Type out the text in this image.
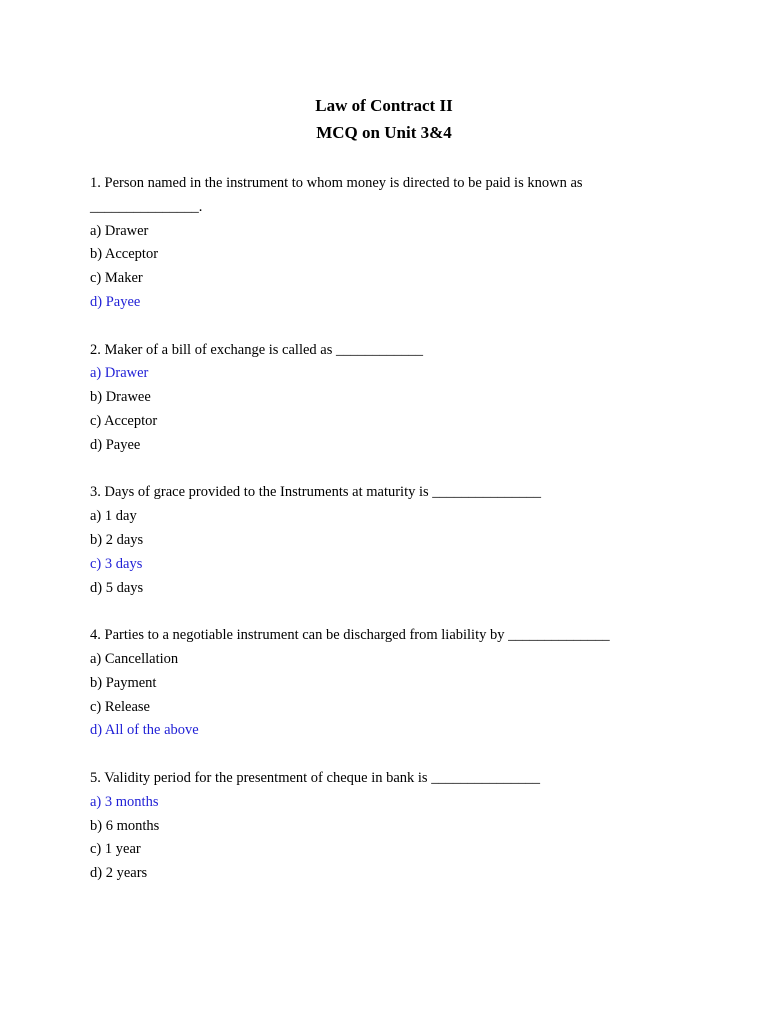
Law of Contract II
MCQ on Unit 3&4
1. Person named in the instrument to whom money is directed to be paid is known as _______________.
a) Drawer
b) Acceptor
c) Maker
d) Payee
2. Maker of a bill of exchange is called as ____________
a) Drawer
b) Drawee
c) Acceptor
d) Payee
3. Days of grace provided to the Instruments at maturity is _______________
a) 1 day
b) 2 days
c) 3 days
d) 5 days
4. Parties to a negotiable instrument can be discharged from liability by ______________
a) Cancellation
b) Payment
c) Release
d) All of the above
5. Validity period for the presentment of cheque in bank is _______________
a) 3 months
b) 6 months
c) 1 year
d) 2 years
